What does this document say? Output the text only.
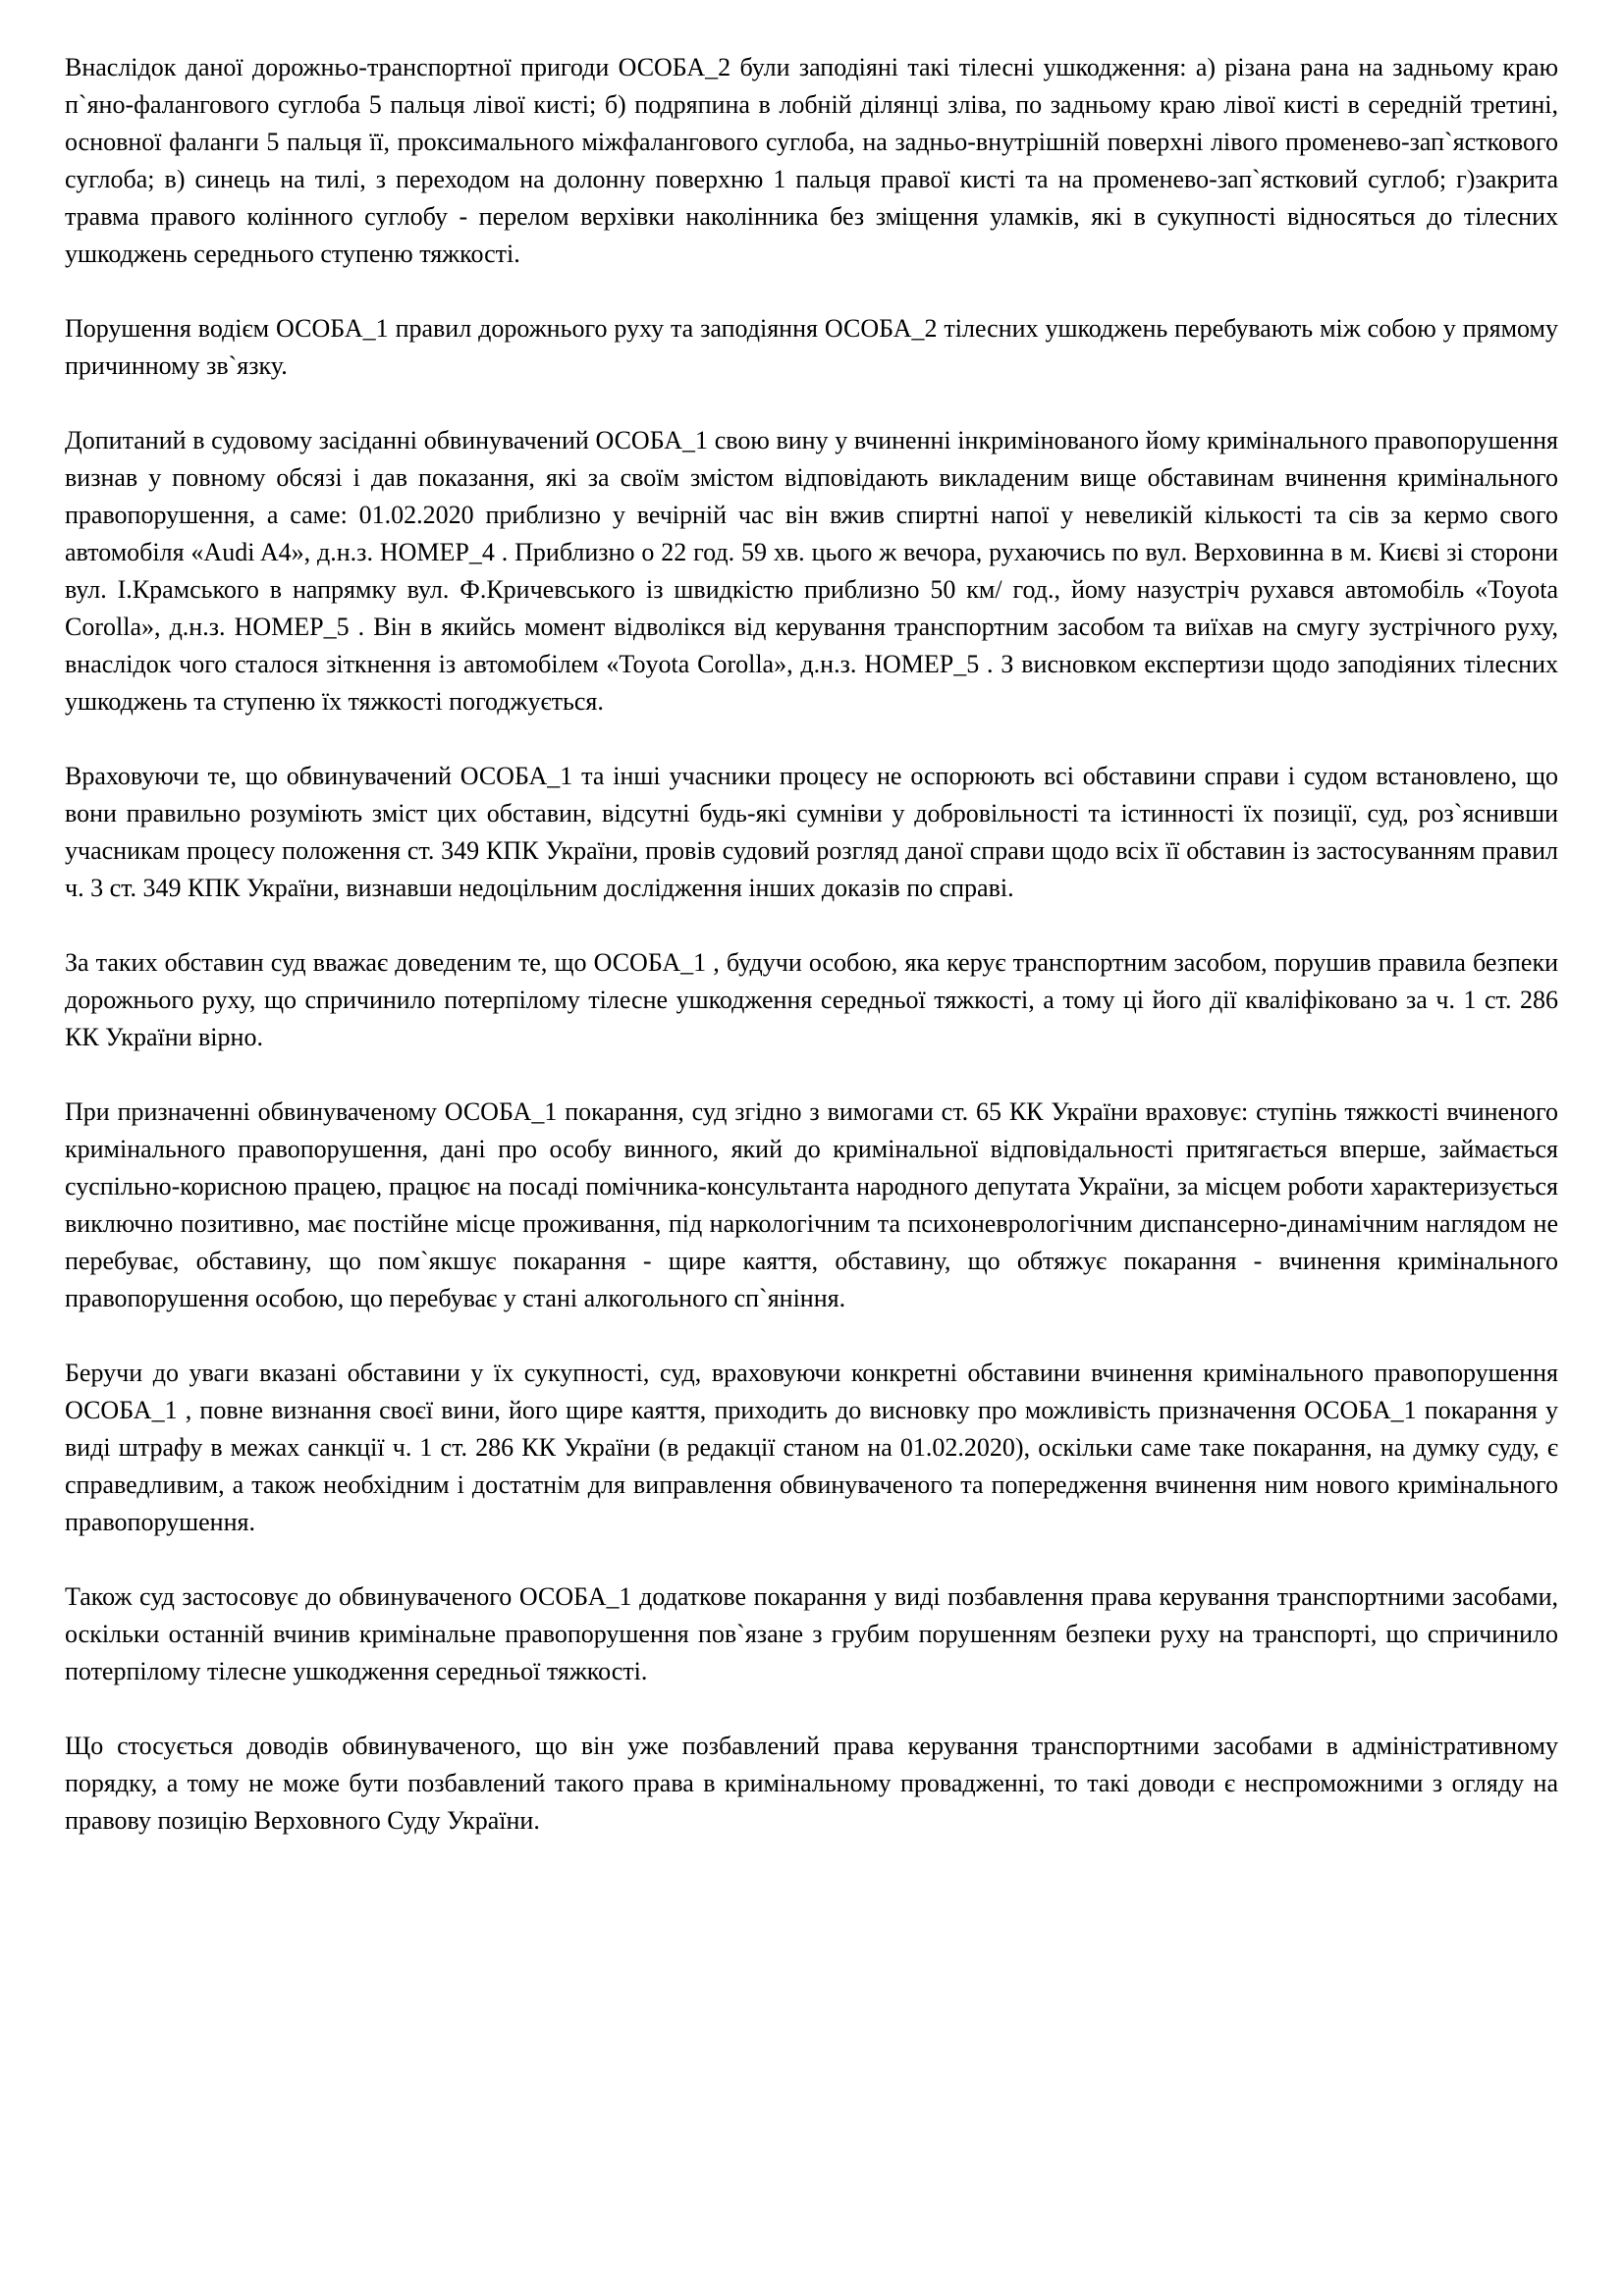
Внаслідок даної дорожньо-транспортної пригоди ОСОБА_2 були заподіяні такі тілесні ушкодження: а) різана рана на задньому краю п`яно-фалангового суглоба 5 пальця лівої кисті; б) подряпина в лобній ділянці зліва, по задньому краю лівої кисті в середній третині, основної фаланги 5 пальця її, проксимального міжфалангового суглоба, на задньо-внутрішній поверхні лівого променево-зап`ясткового суглоба; в) синець на тилі, з переходом на долонну поверхню 1 пальця правої кисті та на променево-зап`ястковий суглоб; г)закрита травма правого колінного суглобу - перелом верхівки наколінника без зміщення уламків, які в сукупності відносяться до тілесних ушкоджень середнього ступеню тяжкості.

Порушення водієм ОСОБА_1 правил дорожнього руху та заподіяння ОСОБА_2 тілесних ушкоджень перебувають між собою у прямому причинному зв`язку.

Допитаний в судовому засіданні обвинувачений ОСОБА_1 свою вину у вчиненні інкримінованого йому кримінального правопорушення визнав у повному обсязі і дав показання, які за своїм змістом відповідають викладеним вище обставинам вчинення кримінального правопорушення, а саме: 01.02.2020 приблизно у вечірній час він вжив спиртні напої у невеликій кількості та сів за кермо свого автомобіля «Audi A4», д.н.з. НОМЕР_4 . Приблизно о 22 год. 59 хв. цього ж вечора, рухаючись по вул. Верховинна в м. Києві зі сторони вул. І.Крамського в напрямку вул. Ф.Кричевського із швидкістю приблизно 50 км/ год., йому назустріч рухався автомобіль «Toyota Corolla», д.н.з. НОМЕР_5 . Він в якийсь момент відволікся від керування транспортним засобом та виїхав на смугу зустрічного руху, внаслідок чого сталося зіткнення із автомобілем «Toyota Corolla», д.н.з. НОМЕР_5 . З висновком експертизи щодо заподіяних тілесних ушкоджень та ступеню їх тяжкості погоджується.

Враховуючи те, що обвинувачений ОСОБА_1 та інші учасники процесу не оспорюють всі обставини справи і судом встановлено, що вони правильно розуміють зміст цих обставин, відсутні будь-які сумніви у добровільності та істинності їх позиції, суд, роз`яснивши учасникам процесу положення ст. 349 КПК України, провів судовий розгляд даної справи щодо всіх її обставин із застосуванням правил ч. 3 ст. 349 КПК України, визнавши недоцільним дослідження інших доказів по справі.

За таких обставин суд вважає доведеним те, що ОСОБА_1 , будучи особою, яка керує транспортним засобом, порушив правила безпеки дорожнього руху, що спричинило потерпілому тілесне ушкодження середньої тяжкості, а тому ці його дії кваліфіковано за ч. 1 ст. 286 КК України вірно.

При призначенні обвинуваченому ОСОБА_1 покарання, суд згідно з вимогами ст. 65 КК України враховує: ступінь тяжкості вчиненого кримінального правопорушення, дані про особу винного, який до кримінальної відповідальності притягається вперше, займається суспільно-корисною працею, працює на посаді помічника-консультанта народного депутата України, за місцем роботи характеризується виключно позитивно, має постійне місце проживання, під наркологічним та психоневрологічним диспансерно-динамічним наглядом не перебуває, обставину, що пом`якшує покарання - щире каяття, обставину, що обтяжує покарання - вчинення кримінального правопорушення особою, що перебуває у стані алкогольного сп`яніння.

Беручи до уваги вказані обставини у їх сукупності, суд, враховуючи конкретні обставини вчинення кримінального правопорушення ОСОБА_1 , повне визнання своєї вини, його щире каяття, приходить до висновку про можливість призначення ОСОБА_1 покарання у виді штрафу в межах санкції ч. 1 ст. 286 КК України (в редакції станом на 01.02.2020), оскільки саме таке покарання, на думку суду, є справедливим, а також необхідним і достатнім для виправлення обвинуваченого та попередження вчинення ним нового кримінального правопорушення.

Також суд застосовує до обвинуваченого ОСОБА_1 додаткове покарання у виді позбавлення права керування транспортними засобами, оскільки останній вчинив кримінальне правопорушення пов`язане з грубим порушенням безпеки руху на транспорті, що спричинило потерпілому тілесне ушкодження середньої тяжкості.

Що стосується доводів обвинуваченого, що він уже позбавлений права керування транспортними засобами в адміністративному порядку, а тому не може бути позбавлений такого права в кримінальному провадженні, то такі доводи є неспроможними з огляду на правову позицію Верховного Суду України.
